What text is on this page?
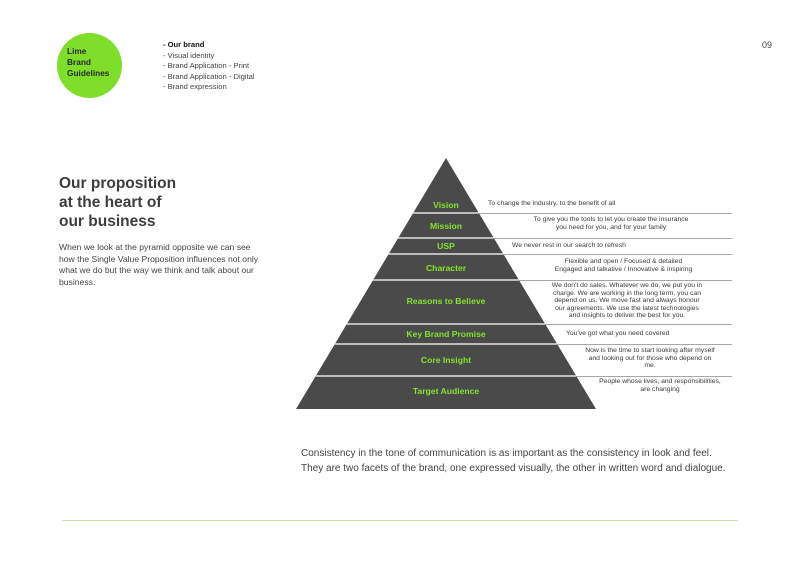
Lime
Brand
Guidelines
- Our brand
- Visual identity
- Brand Application - Print
- Brand Application - Digital
- Brand expression
09
Our proposition
at the heart of
our business
When we look at the pyramid opposite we can see how the Single Value Proposition influences not only what we do but the way we think and talk about our business.
Vision
Mission
USP
Character
Reasons to Believe
Key Brand Promise
Core Insight
Target Audience
To change the industry, to the benefit of all
To give you the tools to let you create the insurance
you need for you, and for your family
We never rest in our search to refresh
Flexible and open / Focused & detailed
Engaged and talkative / Innovative & inspiring
We don't do sales. Whatever we do, we put you in
charge. We are working in the long term, you can
depend on us. We move fast and always honour
our agreements. We use the latest technologies
and insights to deliver the best for you.
You've got what you need covered
Now is the time to start looking after myself
and looking out for those who depend on
me.
People whose lives, and responsibilities,
are changing
Consistency in the tone of communication is as important as the consistency in look and feel. They are two facets of the brand, one expressed visually, the other in written word and dialogue.
